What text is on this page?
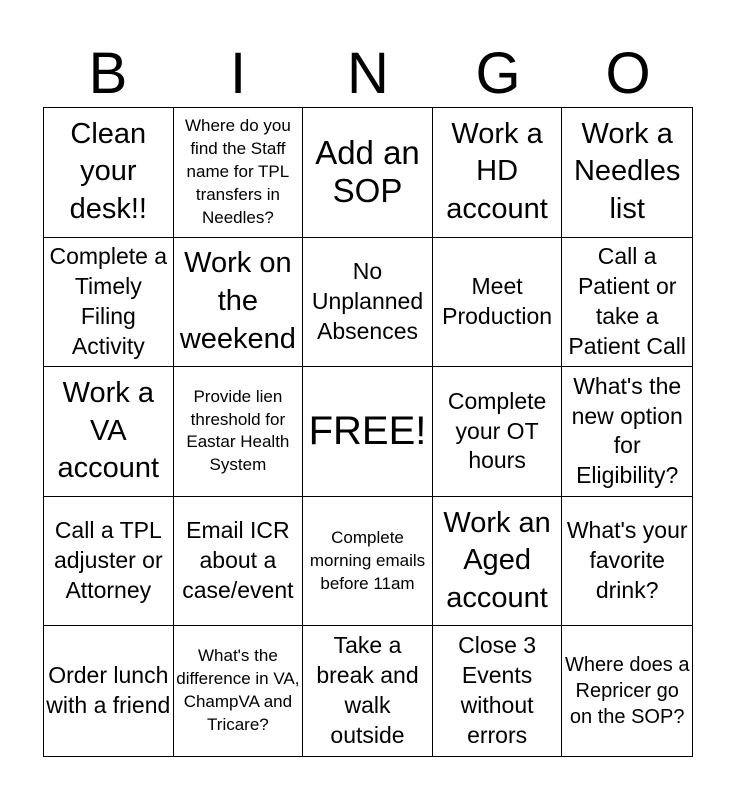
B	I	N	G	O
Clean your desk!!
Where do you find the Staff name for TPL transfers in Needles?
Add an SOP
Work a HD account
Work a Needles list
Complete a Timely Filing Activity
Work on the weekend
No Unplanned Absences
Meet Production
Call a Patient or take a Patient Call
Work a VA account
Provide lien threshold for Eastar Health System
FREE!
Complete your OT hours
What's the new option for Eligibility?
Call a TPL adjuster or Attorney
Email ICR about a case/event
Complete morning emails before 11am
Work an Aged account
What's your favorite drink?
Order lunch with a friend
What's the difference in VA, ChampVA and Tricare?
Take a break and walk outside
Close 3 Events without errors
Where does a Repricer go on the SOP?
